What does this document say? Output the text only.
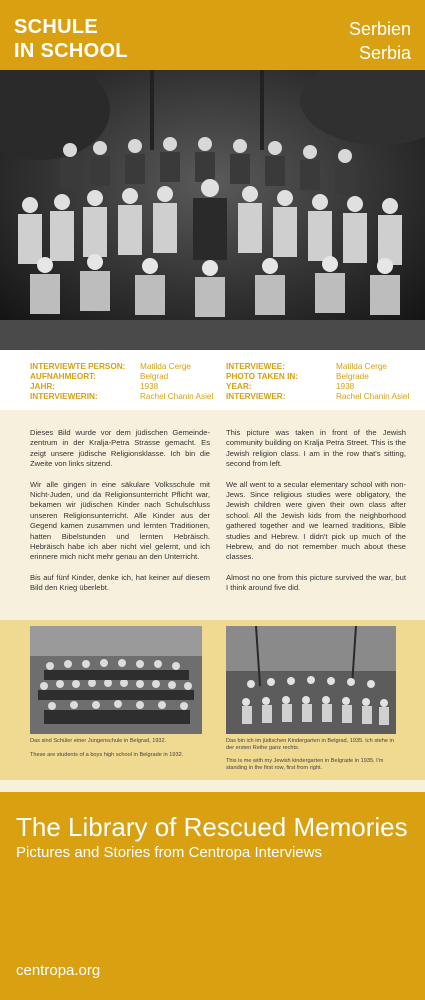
SCHULE
IN SCHOOL
Serbien
Serbia
INTERVIEWTE PERSON:
AUFNAHMEORT:
JAHR:
INTERVIEWERIN:
Matilda Cerge
Belgrad
1938
Rachel Chanin Asiel
INTERVIEWEE:
PHOTO TAKEN IN:
YEAR:
INTERVIEWER:
Matilda Cerge
Belgrade
1938
Rachel Chanin Asiel

Dieses Bild wurde vor dem jüdischen Gemeinde-zentrum in der Kralja-Petra Strasse gemacht. Es zeigt unsere jüdische Religionsklasse. Ich bin die Zweite von links sitzend.

Wir alle gingen in eine säkulare Volksschule mit Nicht-Juden, und da Religionsunterricht Pflicht war, bekamen wir jüdischen Kinder nach Schulschluss unseren Religionsunterricht. Alle Kinder aus der Gegend kamen zusammen und lernten Traditionen, hatten Bibelstunden und lernten Hebräisch. Hebräisch habe ich aber nicht viel gelernt, und ich erinnere mich nicht mehr genau an den Unterricht.

Bis auf fünf Kinder, denke ich, hat keiner auf diesem Bild den Krieg überlebt.

This picture was taken in front of the Jewish community building on Kralja Petra Street. This is the Jewish religion class. I am in the row that's sitting, second from left.

We all went to a secular elementary school with non-Jews. Since religious studies were obligatory, the Jewish children were given their own class after school. All the Jewish kids from the neighborhood gathered together and we learned traditions, Bible studies and Hebrew. I didn't pick up much of the Hebrew, and do not remember much about these classes.

Almost no one from this picture survived the war, but I think around five did.

Das sind Schüler einer Jungenschule in Belgrad, 1932.
These are students of a boys high school in Belgrade in 1932.
Das bin ich im jüdischen Kindergarten in Belgrad, 1935. Ich stehe in der ersten Reihe ganz rechts.
This is me with my Jewish kindergarten in Belgrade in 1935. I'm standing in the first row, first from right.
The Library of Rescued Memories
Pictures and Stories from Centropa Interviews
centropa.org
